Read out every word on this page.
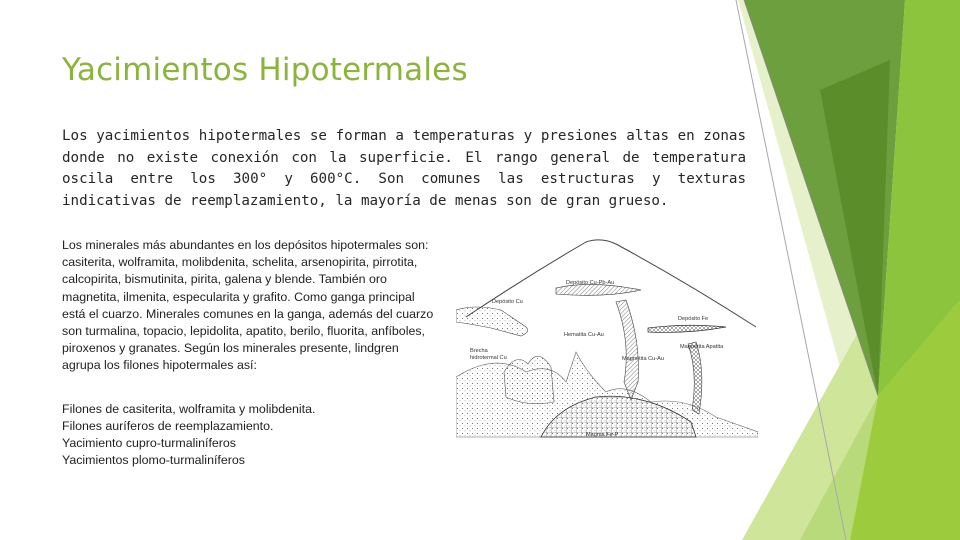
Yacimientos Hipotermales

Los yacimientos hipotermales se forman a temperaturas y presiones altas en zonas donde no existe conexión con la superficie. El rango general de temperatura oscila entre los 300° y 600°C. Son comunes las estructuras y texturas indicativas de reemplazamiento, la mayoría de menas son de gran grueso.

Los minerales más abundantes en los depósitos hipotermales son: casiterita, wolframita, molibdenita, schelita, arsenopirita, pirrotita, calcopirita, bismutinita, pirita, galena y blende. También oro magnetita, ilmenita, especularita y grafito. Como ganga principal está el cuarzo. Minerales comunes en la ganga, además del cuarzo son turmalina, topacio, lepidolita, apatito, berilo, fluorita, anfíboles, piroxenos y granates. Según los minerales presente, lindgren agrupa los filones hipotermales así:

Filones de casiterita, wolframita y molibdenita.
Filones auríferos de reemplazamiento.
Yacimiento cupro-turmaliníferos
Yacimientos plomo-turmaliníferos
Depósito Cu-Pb-Au
Depósito Cu
Depósito Fe
Hematita Cu-Au
Magnetita Apatita
Brecha
hidrotermal Cu	Magnetita Cu-Au
Magma Fe-P
